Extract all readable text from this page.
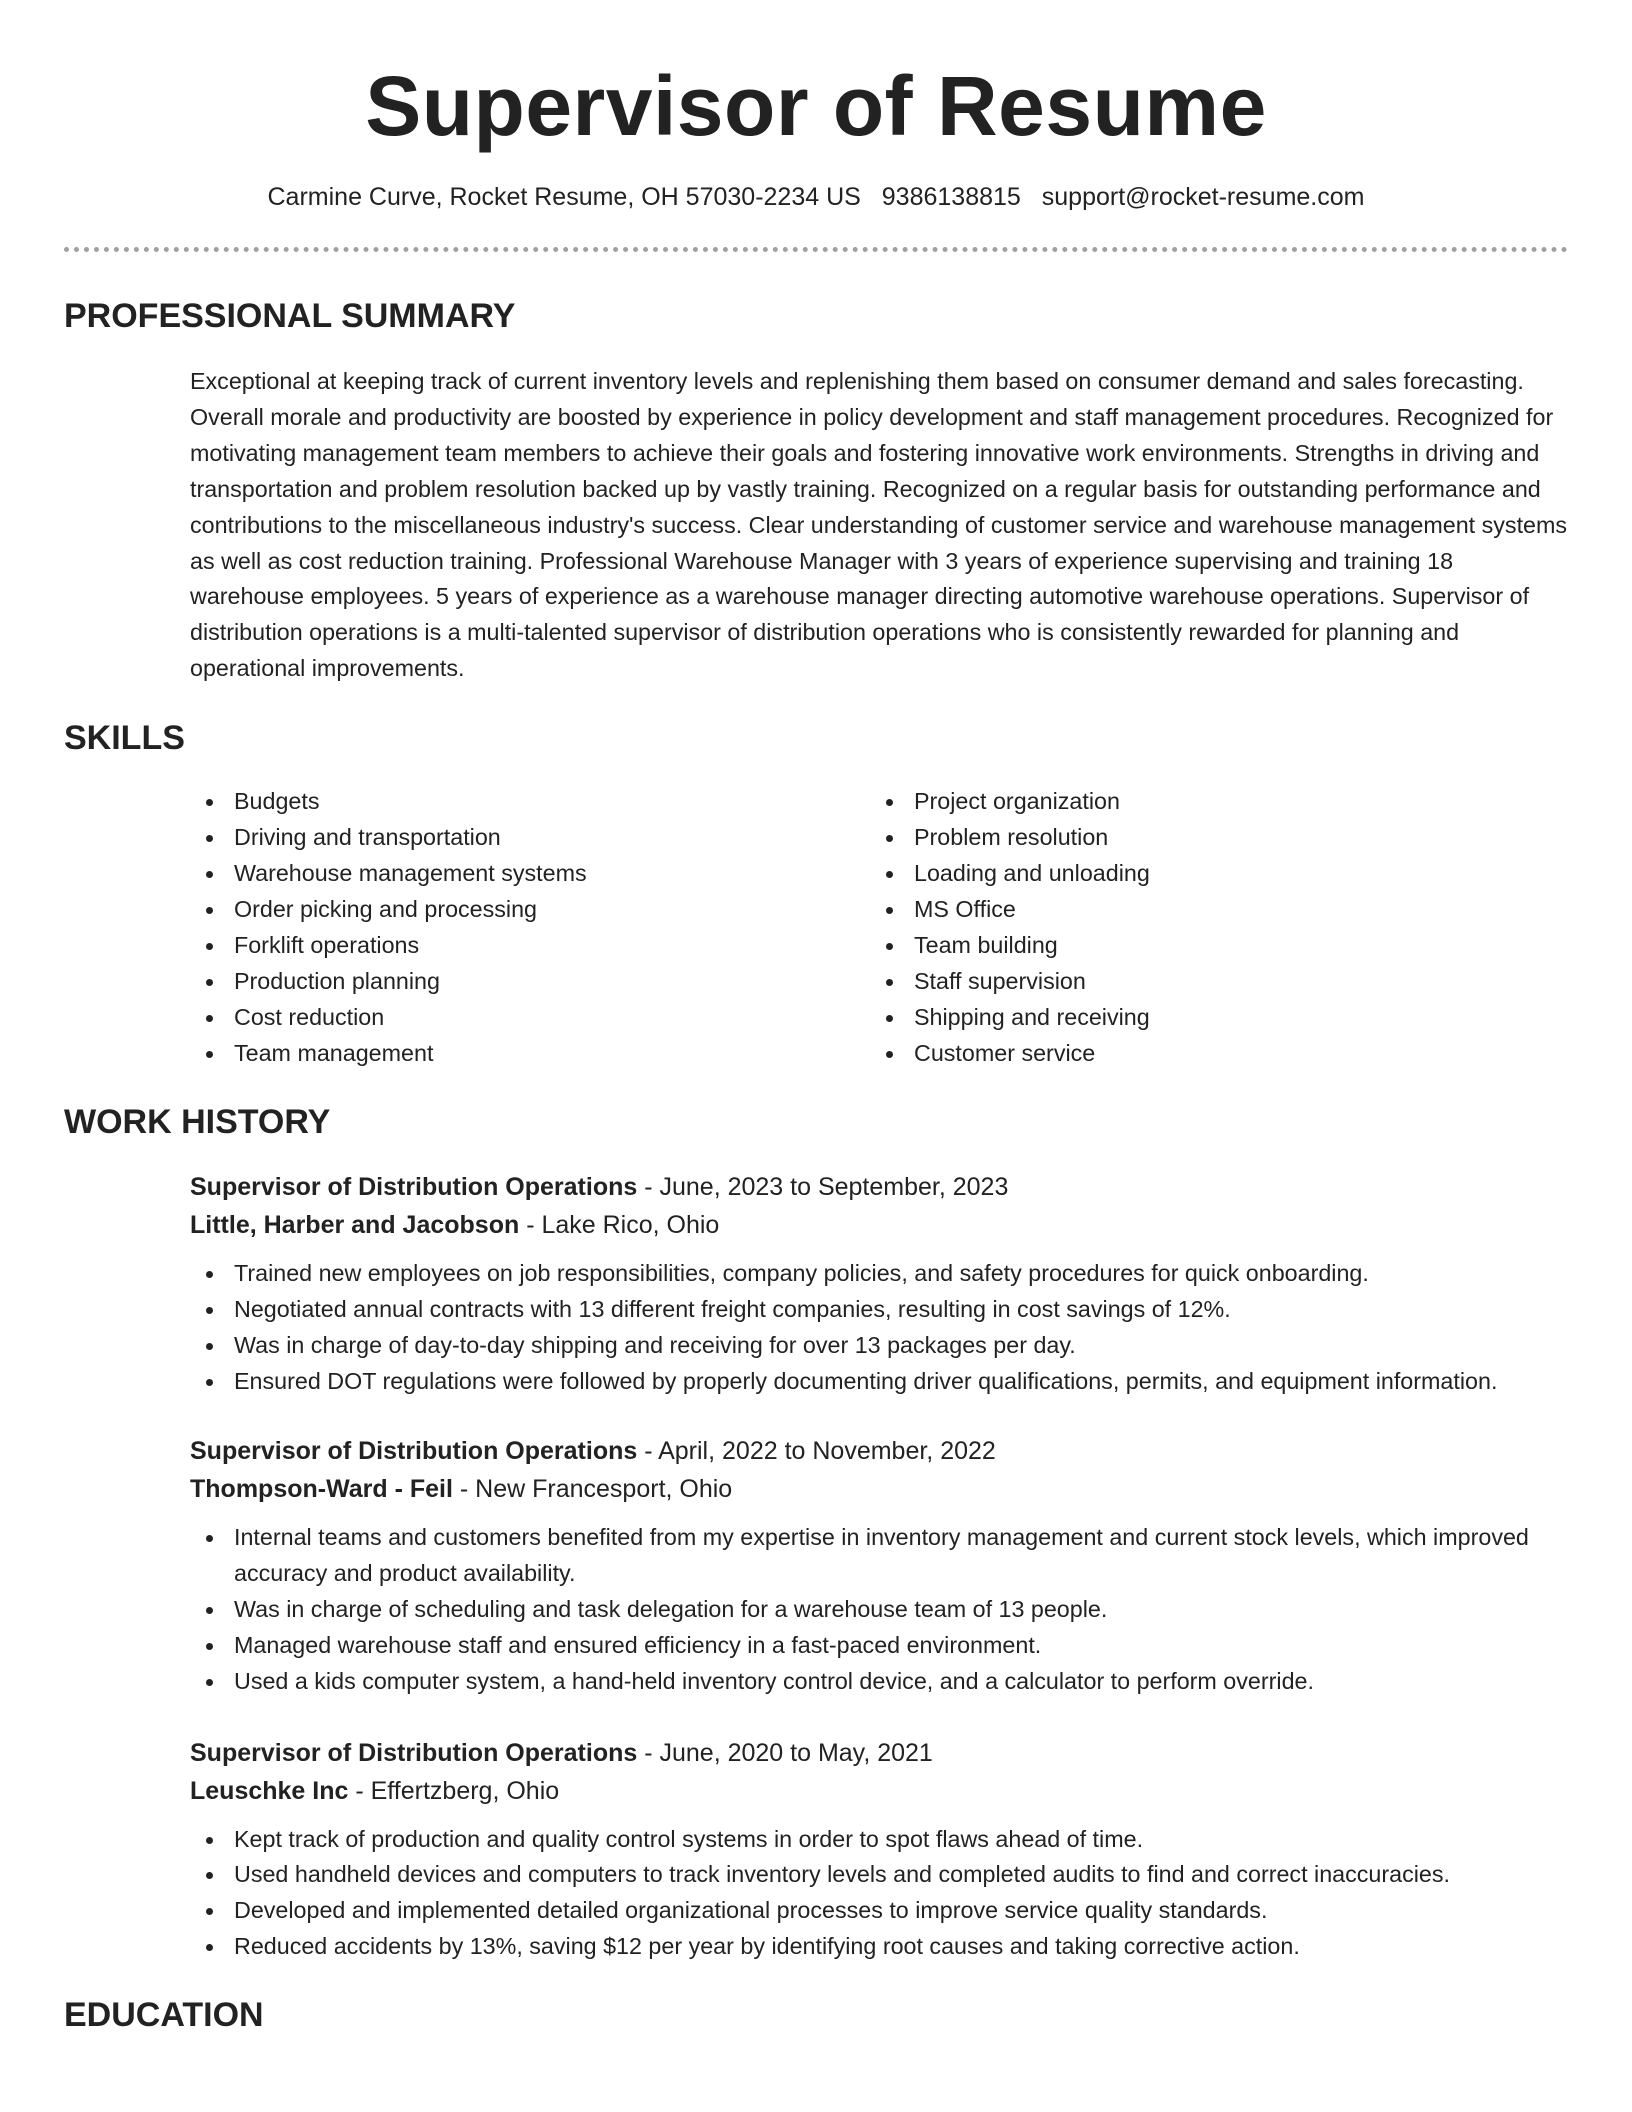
Supervisor of Resume
Carmine Curve, Rocket Resume, OH 57030-2234 US 9386138815 support@rocket-resume.com
PROFESSIONAL SUMMARY

Exceptional at keeping track of current inventory levels and replenishing them based on consumer demand and sales forecasting. Overall morale and productivity are boosted by experience in policy development and staff management procedures. Recognized for motivating management team members to achieve their goals and fostering innovative work environments. Strengths in driving and transportation and problem resolution backed up by vastly training. Recognized on a regular basis for outstanding performance and contributions to the miscellaneous industry's success. Clear understanding of customer service and warehouse management systems as well as cost reduction training. Professional Warehouse Manager with 3 years of experience supervising and training 18 warehouse employees. 5 years of experience as a warehouse manager directing automotive warehouse operations. Supervisor of distribution operations is a multi-talented supervisor of distribution operations who is consistently rewarded for planning and operational improvements.

SKILLS
Budgets
Driving and transportation
Warehouse management systems
Order picking and processing
Forklift operations
Production planning
Cost reduction
Team management
Project organization
Problem resolution
Loading and unloading
MS Office
Team building
Staff supervision
Shipping and receiving
Customer service
WORK HISTORY
Supervisor of Distribution Operations - June, 2023 to September, 2023
Little, Harber and Jacobson - Lake Rico, Ohio
Trained new employees on job responsibilities, company policies, and safety procedures for quick onboarding.
Negotiated annual contracts with 13 different freight companies, resulting in cost savings of 12%.
Was in charge of day-to-day shipping and receiving for over 13 packages per day.
Ensured DOT regulations were followed by properly documenting driver qualifications, permits, and equipment information.
Supervisor of Distribution Operations - April, 2022 to November, 2022
Thompson-Ward - Feil - New Francesport, Ohio
Internal teams and customers benefited from my expertise in inventory management and current stock levels, which improved accuracy and product availability.
Was in charge of scheduling and task delegation for a warehouse team of 13 people.
Managed warehouse staff and ensured efficiency in a fast-paced environment.
Used a kids computer system, a hand-held inventory control device, and a calculator to perform override.
Supervisor of Distribution Operations - June, 2020 to May, 2021
Leuschke Inc - Effertzberg, Ohio
Kept track of production and quality control systems in order to spot flaws ahead of time.
Used handheld devices and computers to track inventory levels and completed audits to find and correct inaccuracies.
Developed and implemented detailed organizational processes to improve service quality standards.
Reduced accidents by 13%, saving $12 per year by identifying root causes and taking corrective action.
EDUCATION
